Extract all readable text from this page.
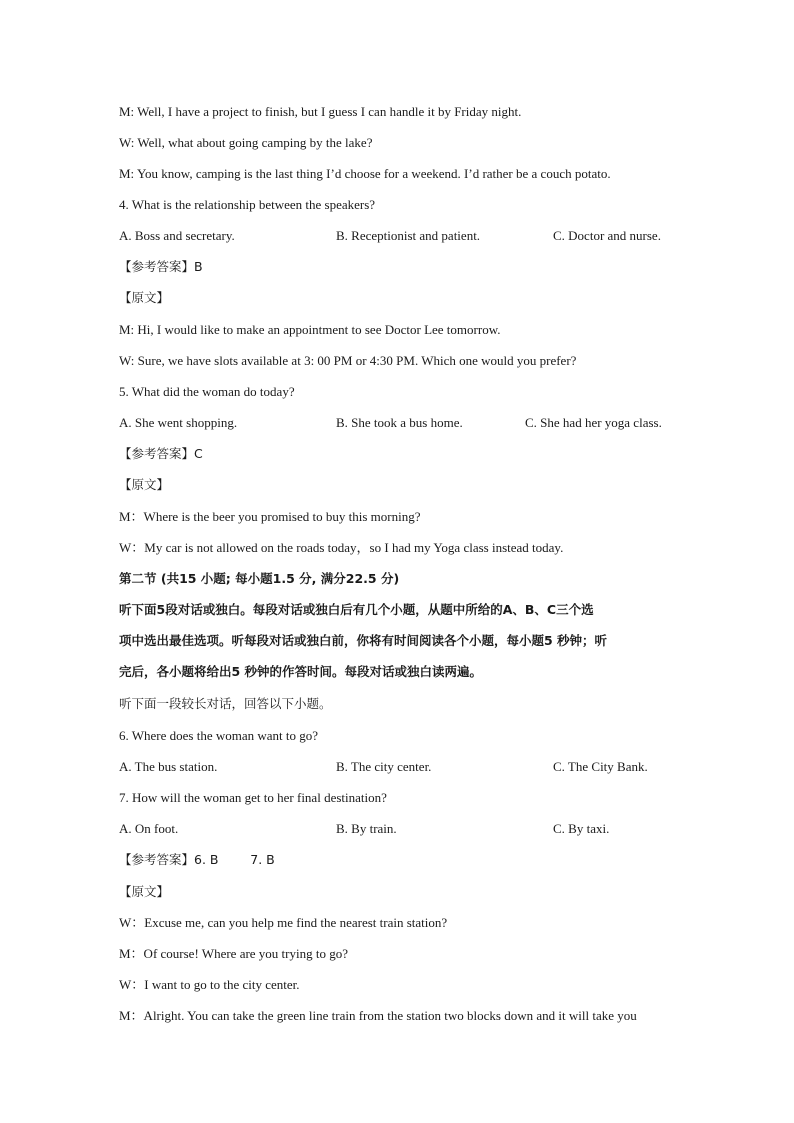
M: Well, I have a project to finish, but I guess I can handle it by Friday night.
W: Well, what about going camping by the lake?
M: You know, camping is the last thing I’d choose for a weekend. I’d rather be a couch potato.
4. What is the relationship between the speakers?
A. Boss and secretary.	B. Receptionist and patient.	C. Doctor and nurse.
【参考答案】B
【原文】
M: Hi, I would like to make an appointment to see Doctor Lee tomorrow.
W: Sure, we have slots available at 3: 00 PM or 4:30 PM. Which one would you prefer?
5. What did the woman do today?
A. She went shopping.	B. She took a bus home.	C. She had her yoga class.
【参考答案】C
【原文】
M：Where is the beer you promised to buy this morning?
W：My car is not allowed on the roads today，so I had my Yoga class instead today.
第二节 (共15 小题; 每小题1.5 分, 满分22.5 分)
听下面5段对话或独白。每段对话或独白后有几个小题，从题中所给的A、B、C三个选
项中选出最佳选项。听每段对话或独白前，你将有时间阅读各个小题，每小题5 秒钟；听
完后，各小题将给出5 秒钟的作答时间。每段对话或独白读两遍。
听下面一段较长对话，回答以下小题。
6. Where does the woman want to go?
A. The bus station.	B. The city center.	C. The City Bank.
7. How will the woman get to her final destination?
A. On foot.	B. By train.	C. By taxi.
【参考答案】6. B        7. B
【原文】
W：Excuse me, can you help me find the nearest train station?
M：Of course! Where are you trying to go?
W：I want to go to the city center.
M：Alright. You can take the green line train from the station two blocks down and it will take you
